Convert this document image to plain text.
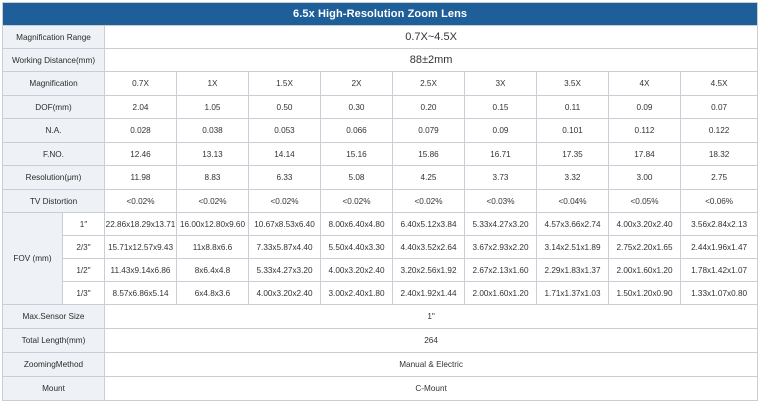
6.5x High-Resolution Zoom Lens										
Magnification Range		0.7X~4.5X								
Working Distance(mm)		88±2mm								
Magnification		0.7X	1X	1.5X	2X	2.5X	3X	3.5X	4X	4.5X
DOF(mm)		2.04	1.05	0.50	0.30	0.20	0.15	0.11	0.09	0.07
N.A.		0.028	0.038	0.053	0.066	0.079	0.09	0.101	0.112	0.122
F.NO.		12.46	13.13	14.14	15.16	15.86	16.71	17.35	17.84	18.32
Resolution(μm)		11.98	8.83	6.33	5.08	4.25	3.73	3.32	3.00	2.75
TV Distortion		<0.02%	<0.02%	<0.02%	<0.02%	<0.02%	<0.03%	<0.04%	<0.05%	<0.06%
FOV (mm)	1"	22.86x18.29x13.71	16.00x12.80x9.60	10.67x8.53x6.40	8.00x6.40x4.80	6.40x5.12x3.84	5.33x4.27x3.20	4.57x3.66x2.74	4.00x3.20x2.40	3.56x2.84x2.13
	2/3"	15.71x12.57x9.43	11x8.8x6.6	7.33x5.87x4.40	5.50x4.40x3.30	4.40x3.52x2.64	3.67x2.93x2.20	3.14x2.51x1.89	2.75x2.20x1.65	2.44x1.96x1.47
	1/2"	11.43x9.14x6.86	8x6.4x4.8	5.33x4.27x3.20	4.00x3.20x2.40	3.20x2.56x1.92	2.67x2.13x1.60	2.29x1.83x1.37	2.00x1.60x1.20	1.78x1.42x1.07
	1/3"	8.57x6.86x5.14	6x4.8x3.6	4.00x3.20x2.40	3.00x2.40x1.80	2.40x1.92x1.44	2.00x1.60x1.20	1.71x1.37x1.03	1.50x1.20x0.90	1.33x1.07x0.80
Max.Sensor Size		1"								
Total Length(mm)		264								
ZoomingMethod		Manual & Electric								
Mount		C-Mount								
